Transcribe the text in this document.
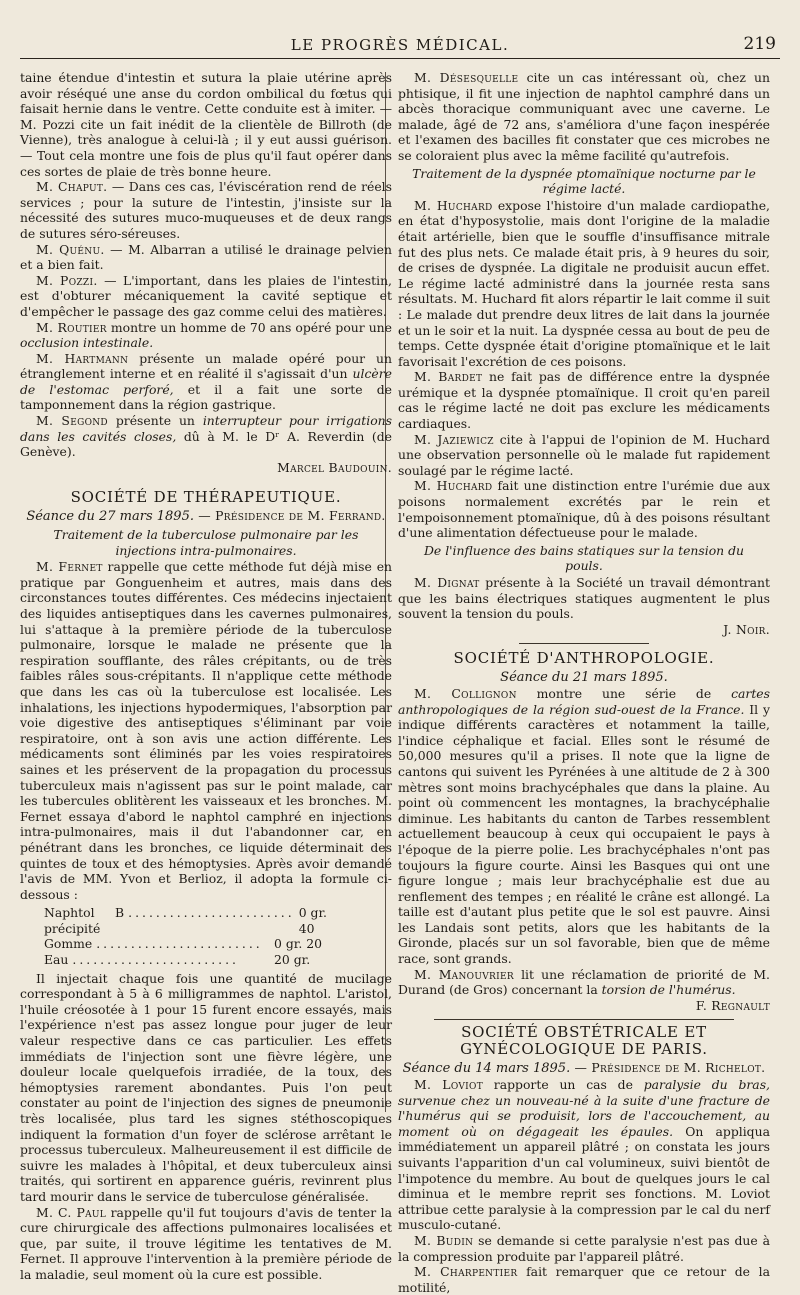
LE PROGRÈS MÉDICAL.	219

taine étendue d'intestin et sutura la plaie utérine après avoir réséqué une anse du cordon ombilical du fœtus qui faisait hernie dans le ventre. Cette conduite est à imiter. — M. Pozzi cite un fait inédit de la clientèle de Billroth (de Vienne), très analogue à celui-là ; il y eut aussi guérison. — Tout cela montre une fois de plus qu'il faut opérer dans ces sortes de plaie de très bonne heure.

M. Chaput. — Dans ces cas, l'éviscération rend de réels services ; pour la suture de l'intestin, j'insiste sur la nécessité des sutures muco-muqueuses et de deux rangs de sutures séro-séreuses.

M. Quénu. — M. Albarran a utilisé le drainage pelvien et a bien fait.

M. Pozzi. — L'important, dans les plaies de l'intestin, est d'obturer mécaniquement la cavité septique et d'empêcher le passage des gaz comme celui des matières.

M. Routier montre un homme de 70 ans opéré pour une occlusion intestinale.

M. Hartmann présente un malade opéré pour un étranglement interne et en réalité il s'agissait d'un ulcère de l'estomac perforé, et il a fait une sorte de tamponnement dans la région gastrique.

M. Segond présente un interrupteur pour irrigations dans les cavités closes, dû à M. le Dʳ A. Reverdin (de Genève).

Marcel Baudouin.
SOCIÉTÉ DE THÉRAPEUTIQUE.
Séance du 27 mars 1895. — Présidence de M. Ferrand.
Traitement de la tuberculose pulmonaire par les injections intra-pulmonaires.

M. Fernet rappelle que cette méthode fut déjà mise en pratique par Gonguenheim et autres, mais dans des circonstances toutes différentes. Ces médecins injectaient des liquides antiseptiques dans les cavernes pulmonaires, lui s'attaque à la première période de la tuberculose pulmonaire, lorsque le malade ne présente que la respiration soufflante, des râles crépitants, ou de très faibles râles sous-crépitants. Il n'applique cette méthode que dans les cas où la tuberculose est localisée. Les inhalations, les injections hypodermiques, l'absorption par voie digestive des antiseptiques s'éliminant par voie respiratoire, ont à son avis une action différente. Les médicaments sont éliminés par les voies respiratoires saines et les préservent de la propagation du processus tuberculeux mais n'agissent pas sur le point malade, car les tubercules oblitèrent les vaisseaux et les bronches. M. Fernet essaya d'abord le naphtol camphré en injections intra-pulmonaires, mais il dut l'abandonner car, en pénétrant dans les bronches, ce liquide déterminait des quintes de toux et des hémoptysies. Après avoir demandé l'avis de MM. Yvon et Berlioz, il adopta la formule ci-dessous :

Naphtol B précipité
........................ 0 gr. 40
Gomme ........................ 0 gr. 20
Eau ........................	20 gr.

Il injectait chaque fois une quantité de mucilage correspondant à 5 à 6 milligrammes de naphtol. L'aristol, l'huile créosotée à 1 pour 15 furent encore essayés, mais l'expérience n'est pas assez longue pour juger de leur valeur respective dans ce cas particulier. Les effets immédiats de l'injection sont une fièvre légère, une douleur locale quelquefois irradiée, de la toux, des hémoptysies rarement abondantes. Puis l'on peut constater au point de l'injection des signes de pneumonie très localisée, plus tard les signes stéthoscopiques indiquent la formation d'un foyer de sclérose arrêtant le processus tuberculeux. Malheureusement il est difficile de suivre les malades à l'hôpital, et deux tuberculeux ainsi traités, qui sortirent en apparence guéris, revinrent plus tard mourir dans le service de tuberculose généralisée.

M. C. Paul rappelle qu'il fut toujours d'avis de tenter la cure chirurgicale des affections pulmonaires localisées et que, par suite, il trouve légitime les tentatives de M. Fernet. Il approuve l'intervention à la première période de la maladie, seul moment où la cure est possible.

M. Désesquelle cite un cas intéressant où, chez un phtisique, il fit une injection de naphtol camphré dans un abcès thoracique communiquant avec une caverne. Le malade, âgé de 72 ans, s'améliora d'une façon inespérée et l'examen des bacilles fit constater que ces microbes ne se coloraient plus avec la même facilité qu'autrefois.

Traitement de la dyspnée ptomaïnique nocturne par le régime lacté.

M. Huchard expose l'histoire d'un malade cardiopathe, en état d'hyposystolie, mais dont l'origine de la maladie était artérielle, bien que le souffle d'insuffisance mitrale fut des plus nets. Ce malade était pris, à 9 heures du soir, de crises de dyspnée. La digitale ne produisit aucun effet. Le régime lacté administré dans la journée resta sans résultats. M. Huchard fit alors répartir le lait comme il suit : Le malade dut prendre deux litres de lait dans la journée et un le soir et la nuit. La dyspnée cessa au bout de peu de temps. Cette dyspnée était d'origine ptomaïnique et le lait favorisait l'excrétion de ces poisons.

M. Bardet ne fait pas de différence entre la dyspnée urémique et la dyspnée ptomaïnique. Il croit qu'en pareil cas le régime lacté ne doit pas exclure les médicaments cardiaques.

M. Jaziewicz cite à l'appui de l'opinion de M. Huchard une observation personnelle où le malade fut rapidement soulagé par le régime lacté.

M. Huchard fait une distinction entre l'urémie due aux poisons normalement excrétés par le rein et l'empoisonnement ptomaïnique, dû à des poisons résultant d'une alimentation défectueuse pour le malade.

De l'influence des bains statiques sur la tension du pouls.

M. Dignat présente à la Société un travail démontrant que les bains électriques statiques augmentent le plus souvent la tension du pouls.

J. Noir.
SOCIÉTÉ D'ANTHROPOLOGIE.
Séance du 21 mars 1895.

M. Collignon montre une série de cartes anthropologiques de la région sud-ouest de la France. Il y indique différents caractères et notamment la taille, l'indice céphalique et facial. Elles sont le résumé de 50,000 mesures qu'il a prises. Il note que la ligne de cantons qui suivent les Pyrénées à une altitude de 2 à 300 mètres sont moins brachycéphales que dans la plaine. Au point où commencent les montagnes, la brachycéphalie diminue. Les habitants du canton de Tarbes ressemblent actuellement beaucoup à ceux qui occupaient le pays à l'époque de la pierre polie. Les brachycéphales n'ont pas toujours la figure courte. Ainsi les Basques qui ont une figure longue ; mais leur brachycéphalie est due au renflement des tempes ; en réalité le crâne est allongé. La taille est d'autant plus petite que le sol est pauvre. Ainsi les Landais sont petits, alors que les habitants de la Gironde, placés sur un sol favorable, bien que de même race, sont grands.

M. Manouvrier lit une réclamation de priorité de M. Durand (de Gros) concernant la torsion de l'humérus.

F. Regnault
SOCIÉTÉ OBSTÉTRICALE ET GYNÉCOLOGIQUE DE PARIS.
Séance du 14 mars 1895. — Présidence de M. Richelot.

M. Loviot rapporte un cas de paralysie du bras, survenue chez un nouveau-né à la suite d'une fracture de l'humérus qui se produisit, lors de l'accouchement, au moment où on dégageait les épaules. On appliqua immédiatement un appareil plâtré ; on constata les jours suivants l'apparition d'un cal volumineux, suivi bientôt de l'impotence du membre. Au bout de quelques jours le cal diminua et le membre reprit ses fonctions. M. Loviot attribue cette paralysie à la compression par le cal du nerf musculo-cutané.

M. Budin se demande si cette paralysie n'est pas due à la compression produite par l'appareil plâtré.

M. Charpentier fait remarquer que ce retour de la motilité,
